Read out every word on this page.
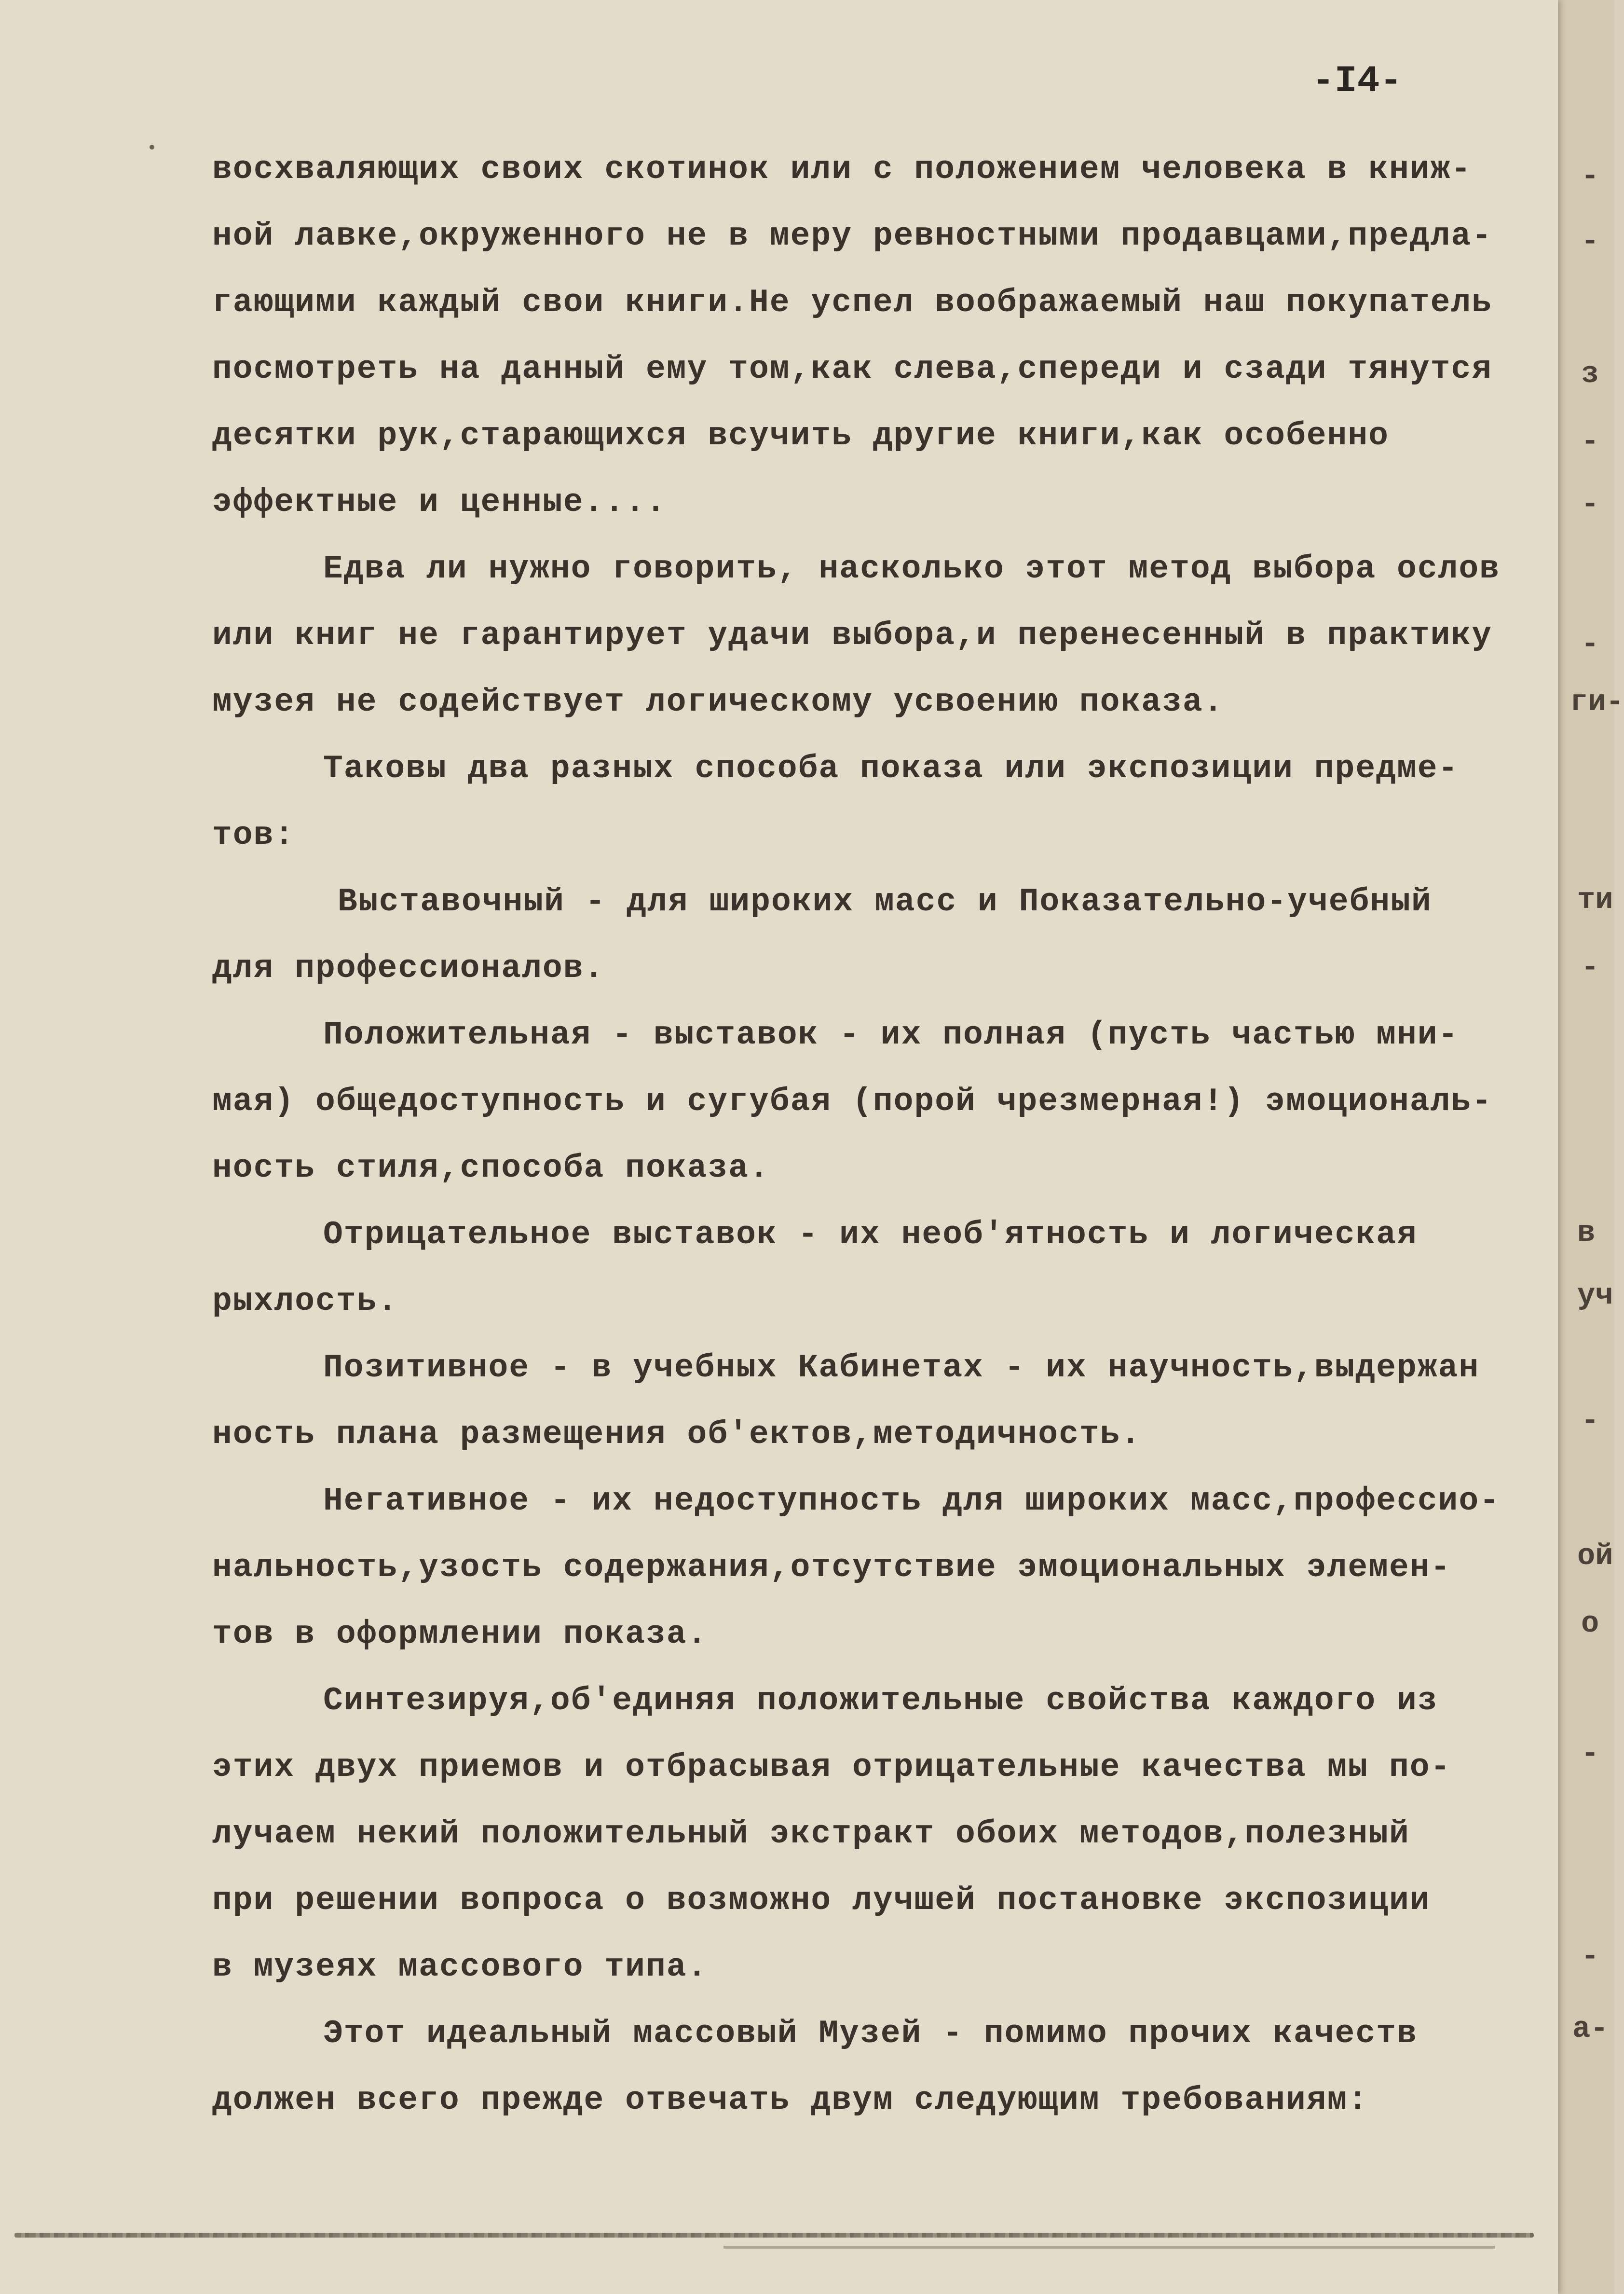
-
-
з
-
-
-
ги-
ти
-
в
уч
-
ой
о
-
-
а-
-I4-
восхваляющих своих скотинок или с положением человека в книж-
ной лавке,окруженного не в меру ревностными продавцами,предла-
гающими каждый свои книги.Не успел воображаемый наш покупатель
посмотреть на данный ему том,как слева,спереди и сзади тянутся
десятки рук,старающихся всучить другие книги,как особенно
эффектные и ценные....
Едва ли нужно говорить, насколько этот метод выбора ослов
или книг не гарантирует удачи выбора,и перенесенный в практику
музея не содействует логическому усвоению показа.
Таковы два разных способа показа или экспозиции предме-
тов:
Выставочный - для широких масс и Показательно-учебный
для профессионалов.
Положительная - выставок - их полная (пусть частью мни-
мая) общедоступность и сугубая (порой чрезмерная!) эмоциональ-
ность стиля,способа показа.
Отрицательное выставок - их необ'ятность и логическая
рыхлость.
Позитивное - в учебных Кабинетах - их научность,выдержан
ность плана размещения об'ектов,методичность.
Негативное - их недоступность для широких масс,професcио-
нальность,узость содержания,отсутствие эмоциональных элемен-
тов в оформлении показа.
Синтезируя,об'единяя положительные свойства каждого из
этих двух приемов и отбрасывая отрицательные качества мы по-
лучаем некий положительный экстракт обоих методов,полезный
при решении вопроса о возможно лучшей постановке экспозиции
в музеях массового типа.
Этот идеальный массовый Музей - помимо прочих качеств
должен всего прежде отвечать двум следующим требованиям:
